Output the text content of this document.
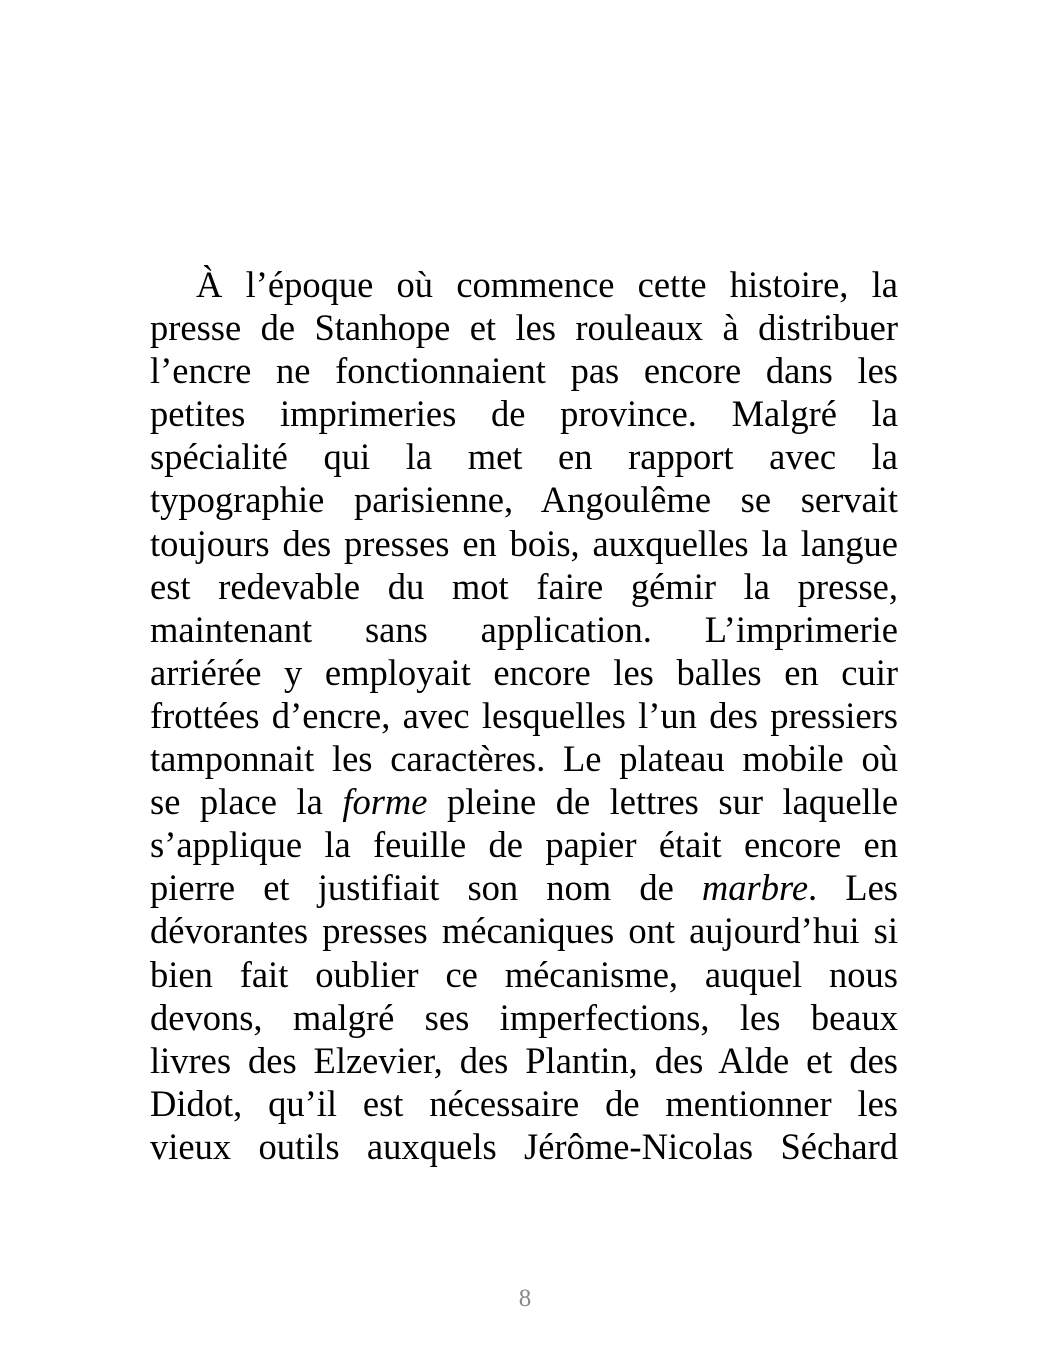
À l’époque où commence cette histoire, la
presse de Stanhope et les rouleaux à distribuer
l’encre ne fonctionnaient pas encore dans les
petites imprimeries de province. Malgré la
spécialité qui la met en rapport avec la
typographie parisienne, Angoulême se servait
toujours des presses en bois, auxquelles la langue
est redevable du mot faire gémir la presse,
maintenant sans application. L’imprimerie
arriérée y employait encore les balles en cuir
frottées d’encre, avec lesquelles l’un des pressiers
tamponnait les caractères. Le plateau mobile où
se place la forme pleine de lettres sur laquelle
s’applique la feuille de papier était encore en
pierre et justifiait son nom de marbre. Les
dévorantes presses mécaniques ont aujourd’hui si
bien fait oublier ce mécanisme, auquel nous
devons, malgré ses imperfections, les beaux
livres des Elzevier, des Plantin, des Alde et des
Didot, qu’il est nécessaire de mentionner les
vieux outils auxquels Jérôme-Nicolas Séchard
8
